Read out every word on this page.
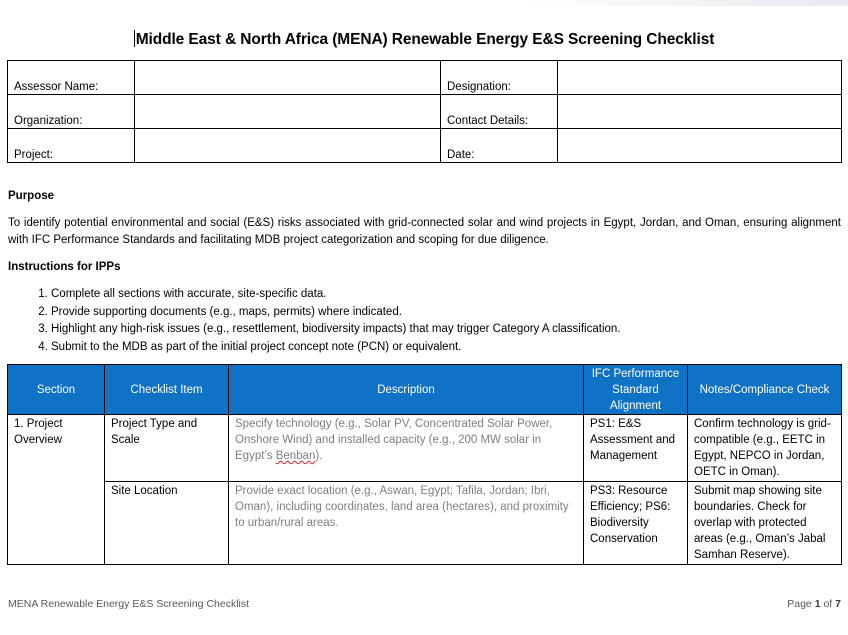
Middle East & North Africa (MENA) Renewable Energy E&S Screening Checklist
Assessor Name:		Designation:	
Organization:		Contact Details:	
Project:		Date:	
Purpose
To identify potential environmental and social (E&S) risks associated with grid-connected solar and wind projects in Egypt, Jordan, and Oman, ensuring alignment with IFC Performance Standards and facilitating MDB project categorization and scoping for due diligence.
Instructions for IPPs
1. Complete all sections with accurate, site-specific data.
2. Provide supporting documents (e.g., maps, permits) where indicated.
3. Highlight any high-risk issues (e.g., resettlement, biodiversity impacts) that may trigger Category A classification.
4. Submit to the MDB as part of the initial project concept note (PCN) or equivalent.
Section	Checklist Item	Description	IFC Performance Standard Alignment	Notes/Compliance Check
1. Project Overview	Project Type and Scale	Specify technology (e.g., Solar PV, Concentrated Solar Power, Onshore Wind) and installed capacity (e.g., 200 MW solar in Egypt’s Benban).	PS1: E&S Assessment and Management	Confirm technology is grid-compatible (e.g., EETC in Egypt, NEPCO in Jordan, OETC in Oman).
	Site Location	Provide exact location (e.g., Aswan, Egypt; Tafila, Jordan; Ibri, Oman), including coordinates, land area (hectares), and proximity to urban/rural areas.	PS3: Resource Efficiency; PS6: Biodiversity Conservation	Submit map showing site boundaries. Check for overlap with protected areas (e.g., Oman’s Jabal Samhan Reserve).
MENA Renewable Energy E&S Screening Checklist	Page 1 of 7
